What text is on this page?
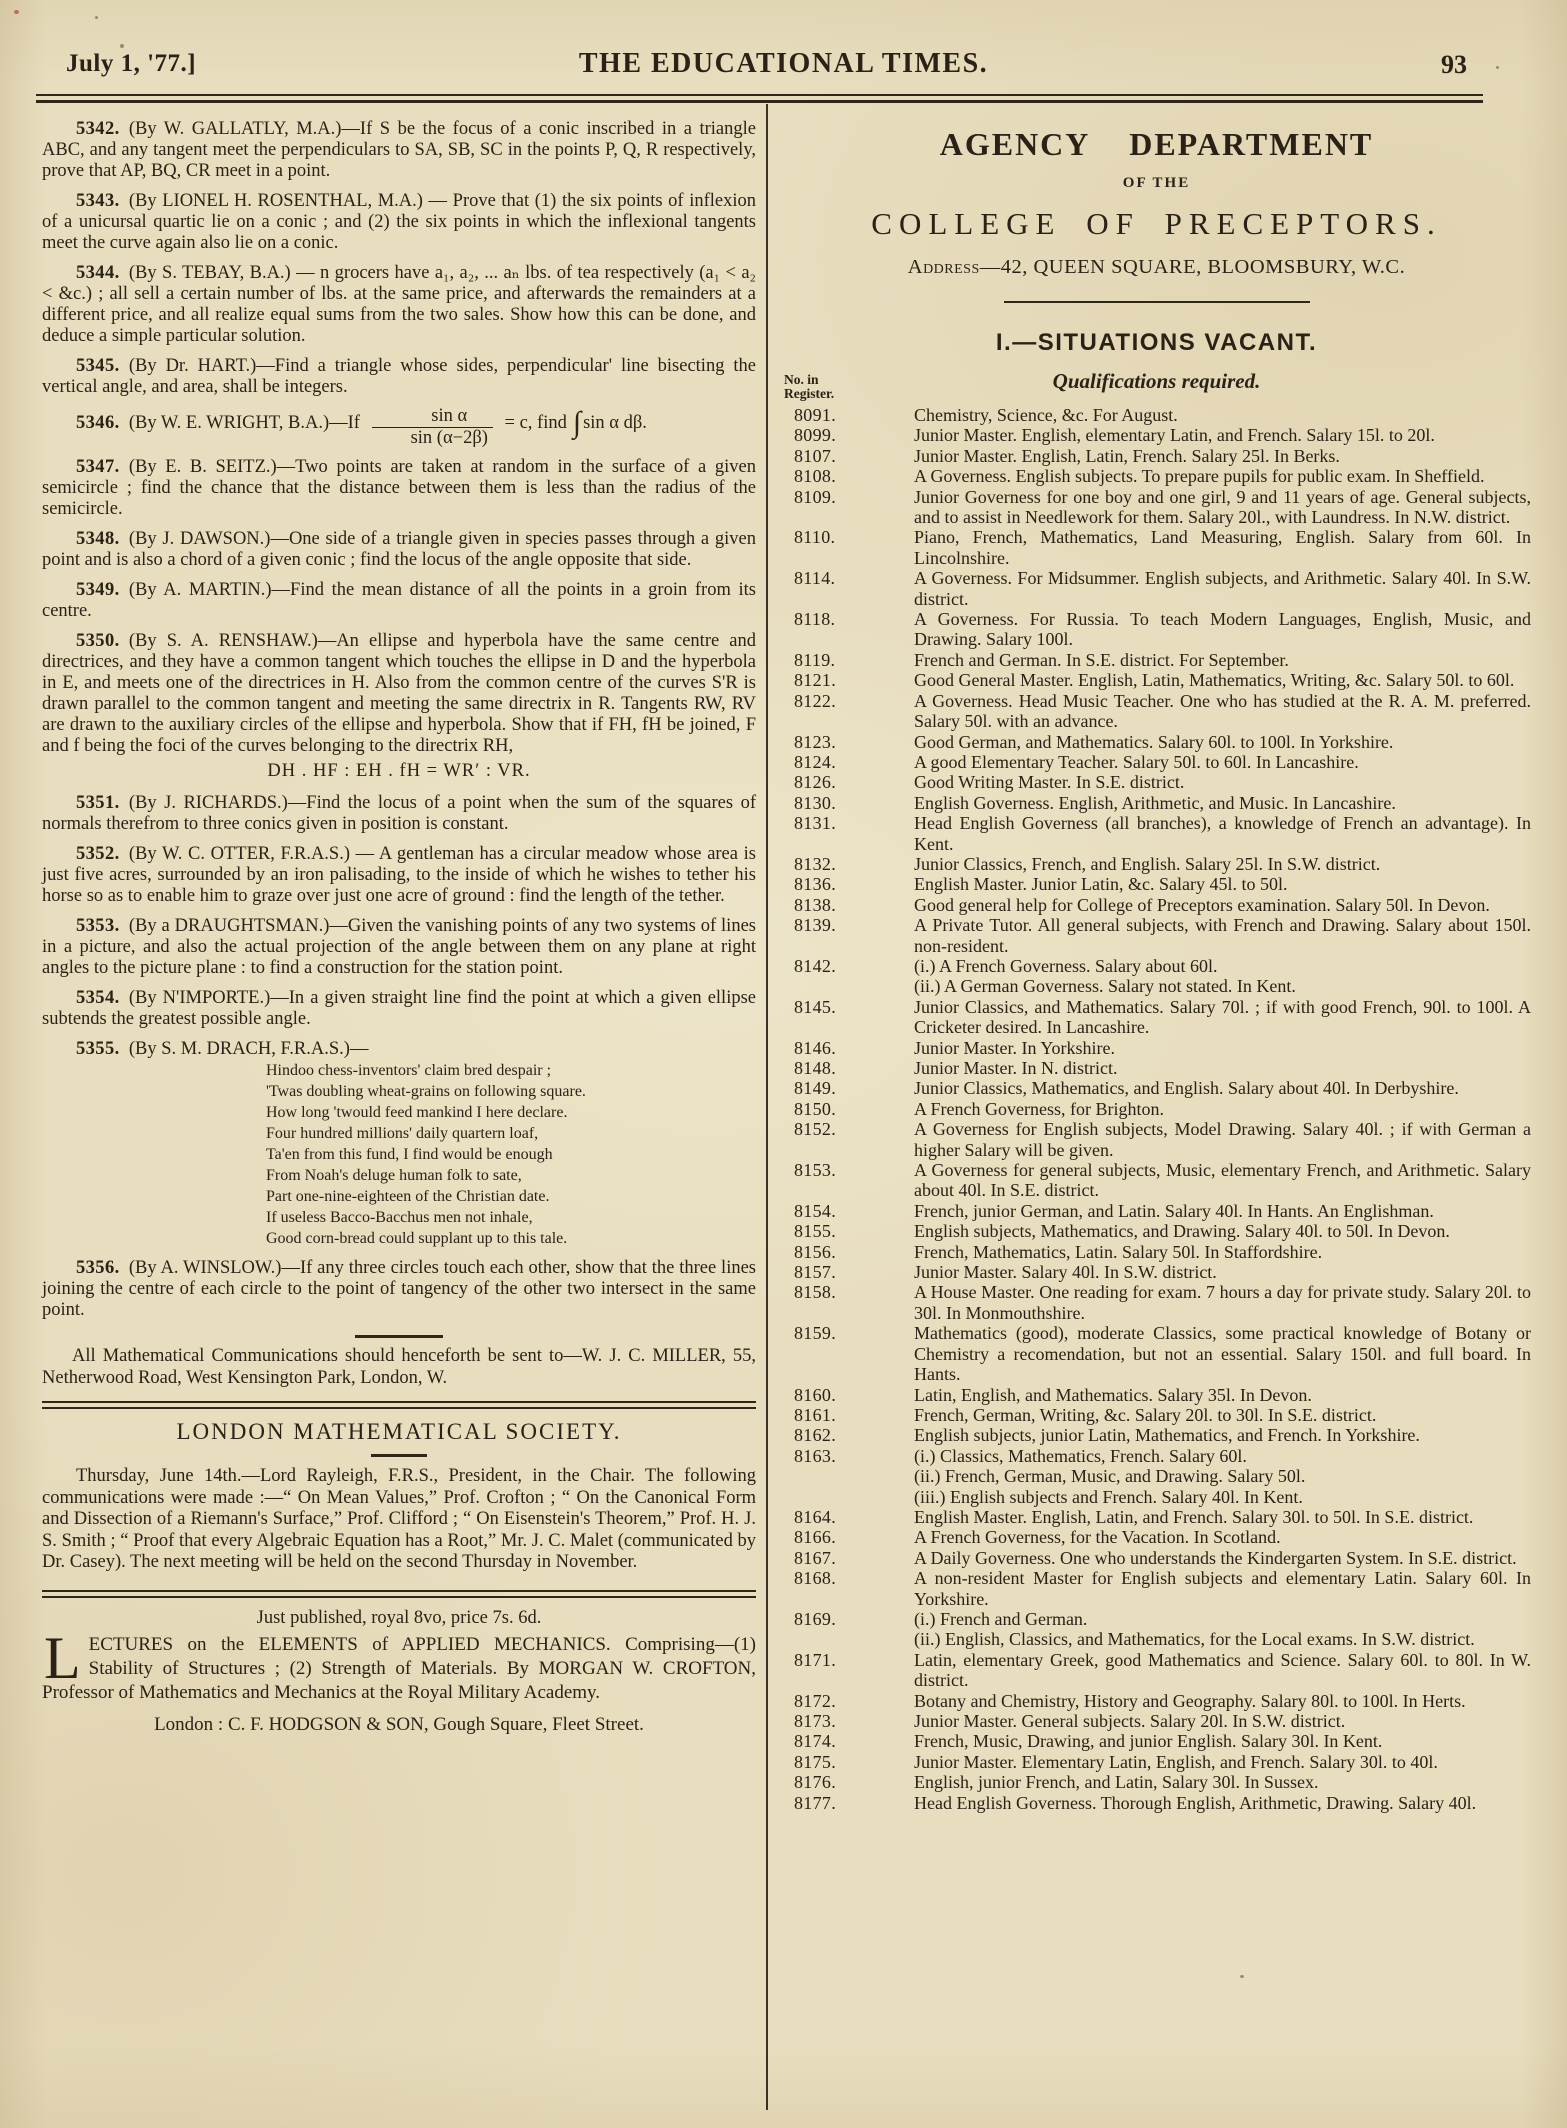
July 1, '77.]	THE EDUCATIONAL TIMES.	93
5342.  (By W. GALLATLY, M.A.)—If S be the focus of a conic inscribed in a triangle ABC, and any tangent meet the perpendiculars to SA, SB, SC in the points P, Q, R respectively, prove that AP, BQ, CR meet in a point.
5343.  (By LIONEL H. ROSENTHAL, M.A.) — Prove that (1) the six points of inflexion of a unicursal quartic lie on a conic ; and (2) the six points in which the inflexional tangents meet the curve again also lie on a conic.
5344.  (By S. TEBAY, B.A.) — n grocers have a₁, a₂, ... aₙ lbs. of tea respectively (a₁ < a₂ < &c.) ; all sell a certain number of lbs. at the same price, and afterwards the remainders at a different price, and all realize equal sums from the two sales. Show how this can be done, and deduce a simple particular solution.
5345.  (By Dr. HART.)—Find a triangle whose sides, perpendicular' line bisecting the vertical angle, and area, shall be integers.
5346.  (By W. E. WRIGHT, B.A.)—If $\frac{\text{sin α}}{\sin (\alpha-2\beta)} = c$, find ∫ sin α dβ.
5347.  (By E. B. SEITZ.)—Two points are taken at random in the surface of a given semicircle ; find the chance that the distance between them is less than the radius of the semicircle.
5348.  (By J. DAWSON.)—One side of a triangle given in species passes through a given point and is also a chord of a given conic ; find the locus of the angle opposite that side.
5349.  (By A. MARTIN.)—Find the mean distance of all the points in a groin from its centre.
5350.  (By S. A. RENSHAW.)—An ellipse and hyperbola have the same centre and directrices, and they have a common tangent which touches the ellipse in D and the hyperbola in E, and meets one of the directrices in H. Also from the common centre of the curves S'R is drawn parallel to the common tangent and meeting the same directrix in R. Tangents RW, RV are drawn to the auxiliary circles of the ellipse and hyperbola. Show that if FH, fH be joined, F and f being the foci of the curves belonging to the directrix RH,
DH . HF : EH . fH = WR′ : VR.
5351.  (By J. RICHARDS.)—Find the locus of a point when the sum of the squares of normals therefrom to three conics given in position is constant.
5352.  (By W. C. OTTER, F.R.A.S.) — A gentleman has a circular meadow whose area is just five acres, surrounded by an iron palisading, to the inside of which he wishes to tether his horse so as to enable him to graze over just one acre of ground : find the length of the tether.
5353.  (By a DRAUGHTSMAN.)—Given the vanishing points of any two systems of lines in a picture, and also the actual projection of the angle between them on any plane at right angles to the picture plane : to find a construction for the station point.
5354.  (By N'IMPORTE.)—In a given straight line find the point at which a given ellipse subtends the greatest possible angle.
5355.  (By S. M. DRACH, F.R.A.S.)—
Hindoo chess-inventors' claim bred despair ;
'Twas doubling wheat-grains on following square.
How long 'twould feed mankind I here declare.
Four hundred millions' daily quartern loaf,
Ta'en from this fund, I find would be enough
From Noah's deluge human folk to sate,
Part one-nine-eighteen of the Christian date.
If useless Bacco-Bacchus men not inhale,
Good corn-bread could supplant up to this tale.
5356.  (By A. WINSLOW.)—If any three circles touch each other, show that the three lines joining the centre of each circle to the point of tangency of the other two intersect in the same point.
All Mathematical Communications should henceforth be sent to—W. J. C. MILLER, 55, Netherwood Road, West Kensington Park, London, W.
LONDON MATHEMATICAL SOCIETY.
Thursday, June 14th.—Lord Rayleigh, F.R.S., President, in the Chair. The following communications were made :—“ On Mean Values,” Prof. Crofton ; “ On the Canonical Form and Dissection of a Riemann's Surface,” Prof. Clifford ; “ On Eisenstein's Theorem,” Prof. H. J. S. Smith ; “ Proof that every Algebraic Equation has a Root,” Mr. J. C. Malet (communicated by Dr. Casey). The next meeting will be held on the second Thursday in November.
Just published, royal 8vo, price 7s. 6d.
LECTURES on the ELEMENTS of APPLIED MECHANICS. Comprising—(1) Stability of Structures ; (2) Strength of Materials. By MORGAN W. CROFTON, Professor of Mathematics and Mechanics at the Royal Military Academy.
London : C. F. HODGSON & SON, Gough Square, Fleet Street.
AGENCY DEPARTMENT
OF THE
COLLEGE OF PRECEPTORS.
Address—42, QUEEN SQUARE, BLOOMSBURY, W.C.
I.—SITUATIONS VACANT.
No. in
Register.
Qualifications required.
8091.	Chemistry, Science, &c. For August.
8099.	Junior Master. English, elementary Latin, and French. Salary 15l. to 20l.
8107.	Junior Master. English, Latin, French. Salary 25l. In Berks.
8108.	A Governess. English subjects. To prepare pupils for public exam. In Sheffield.
8109.	Junior Governess for one boy and one girl, 9 and 11 years of age. General subjects, and to assist in Needlework for them. Salary 20l., with Laundress. In N.W. district.
8110.	Piano, French, Mathematics, Land Measuring, English. Salary from 60l. In Lincolnshire.
8114.	A Governess. For Midsummer. English subjects, and Arithmetic. Salary 40l. In S.W. district.
8118.	A Governess. For Russia. To teach Modern Languages, English, Music, and Drawing. Salary 100l.
8119.	French and German. In S.E. district. For September.
8121.	Good General Master. English, Latin, Mathematics, Writing, &c. Salary 50l. to 60l.
8122.	A Governess. Head Music Teacher. One who has studied at the R. A. M. preferred. Salary 50l. with an advance.
8123.	Good German, and Mathematics. Salary 60l. to 100l. In Yorkshire.
8124.	A good Elementary Teacher. Salary 50l. to 60l. In Lancashire.
8126.	Good Writing Master. In S.E. district.
8130.	English Governess. English, Arithmetic, and Music. In Lancashire.
8131.	Head English Governess (all branches), a knowledge of French an advantage). In Kent.
8132.	Junior Classics, French, and English. Salary 25l. In S.W. district.
8136.	English Master. Junior Latin, &c. Salary 45l. to 50l.
8138.	Good general help for College of Preceptors examination. Salary 50l. In Devon.
8139.	A Private Tutor. All general subjects, with French and Drawing. Salary about 150l. non-resident.
8142.	(i.) A French Governess. Salary about 60l.
(ii.) A German Governess. Salary not stated. In Kent.
8145.	Junior Classics, and Mathematics. Salary 70l. ; if with good French, 90l. to 100l. A Cricketer desired. In Lancashire.
8146.	Junior Master. In Yorkshire.
8148.	Junior Master. In N. district.
8149.	Junior Classics, Mathematics, and English. Salary about 40l. In Derbyshire.
8150.	A French Governess, for Brighton.
8152.	A Governess for English subjects, Model Drawing. Salary 40l. ; if with German a higher Salary will be given.
8153.	A Governess for general subjects, Music, elementary French, and Arithmetic. Salary about 40l. In S.E. district.
8154.	French, junior German, and Latin. Salary 40l. In Hants. An Englishman.
8155.	English subjects, Mathematics, and Drawing. Salary 40l. to 50l. In Devon.
8156.	French, Mathematics, Latin. Salary 50l. In Staffordshire.
8157.	Junior Master. Salary 40l. In S.W. district.
8158.	A House Master. One reading for exam. 7 hours a day for private study. Salary 20l. to 30l. In Monmouthshire.
8159.	Mathematics (good), moderate Classics, some practical knowledge of Botany or Chemistry a recomendation, but not an essential. Salary 150l. and full board. In Hants.
8160.	Latin, English, and Mathematics. Salary 35l. In Devon.
8161.	French, German, Writing, &c. Salary 20l. to 30l. In S.E. district.
8162.	English subjects, junior Latin, Mathematics, and French. In Yorkshire.
8163.	(i.) Classics, Mathematics, French. Salary 60l.
(ii.) French, German, Music, and Drawing. Salary 50l.
(iii.) English subjects and French. Salary 40l. In Kent.
8164.	English Master. English, Latin, and French. Salary 30l. to 50l. In S.E. district.
8166.	A French Governess, for the Vacation. In Scotland.
8167.	A Daily Governess. One who understands the Kindergarten System. In S.E. district.
8168.	A non-resident Master for English subjects and elementary Latin. Salary 60l. In Yorkshire.
8169.	(i.) French and German.
(ii.) English, Classics, and Mathematics, for the Local exams. In S.W. district.
8171.	Latin, elementary Greek, good Mathematics and Science. Salary 60l. to 80l. In W. district.
8172.	Botany and Chemistry, History and Geography. Salary 80l. to 100l. In Herts.
8173.	Junior Master. General subjects. Salary 20l. In S.W. district.
8174.	French, Music, Drawing, and junior English. Salary 30l. In Kent.
8175.	Junior Master. Elementary Latin, English, and French. Salary 30l. to 40l.
8176.	English, junior French, and Latin, Salary 30l. In Sussex.
8177.	Head English Governess. Thorough English, Arithmetic, Drawing. Salary 40l.
